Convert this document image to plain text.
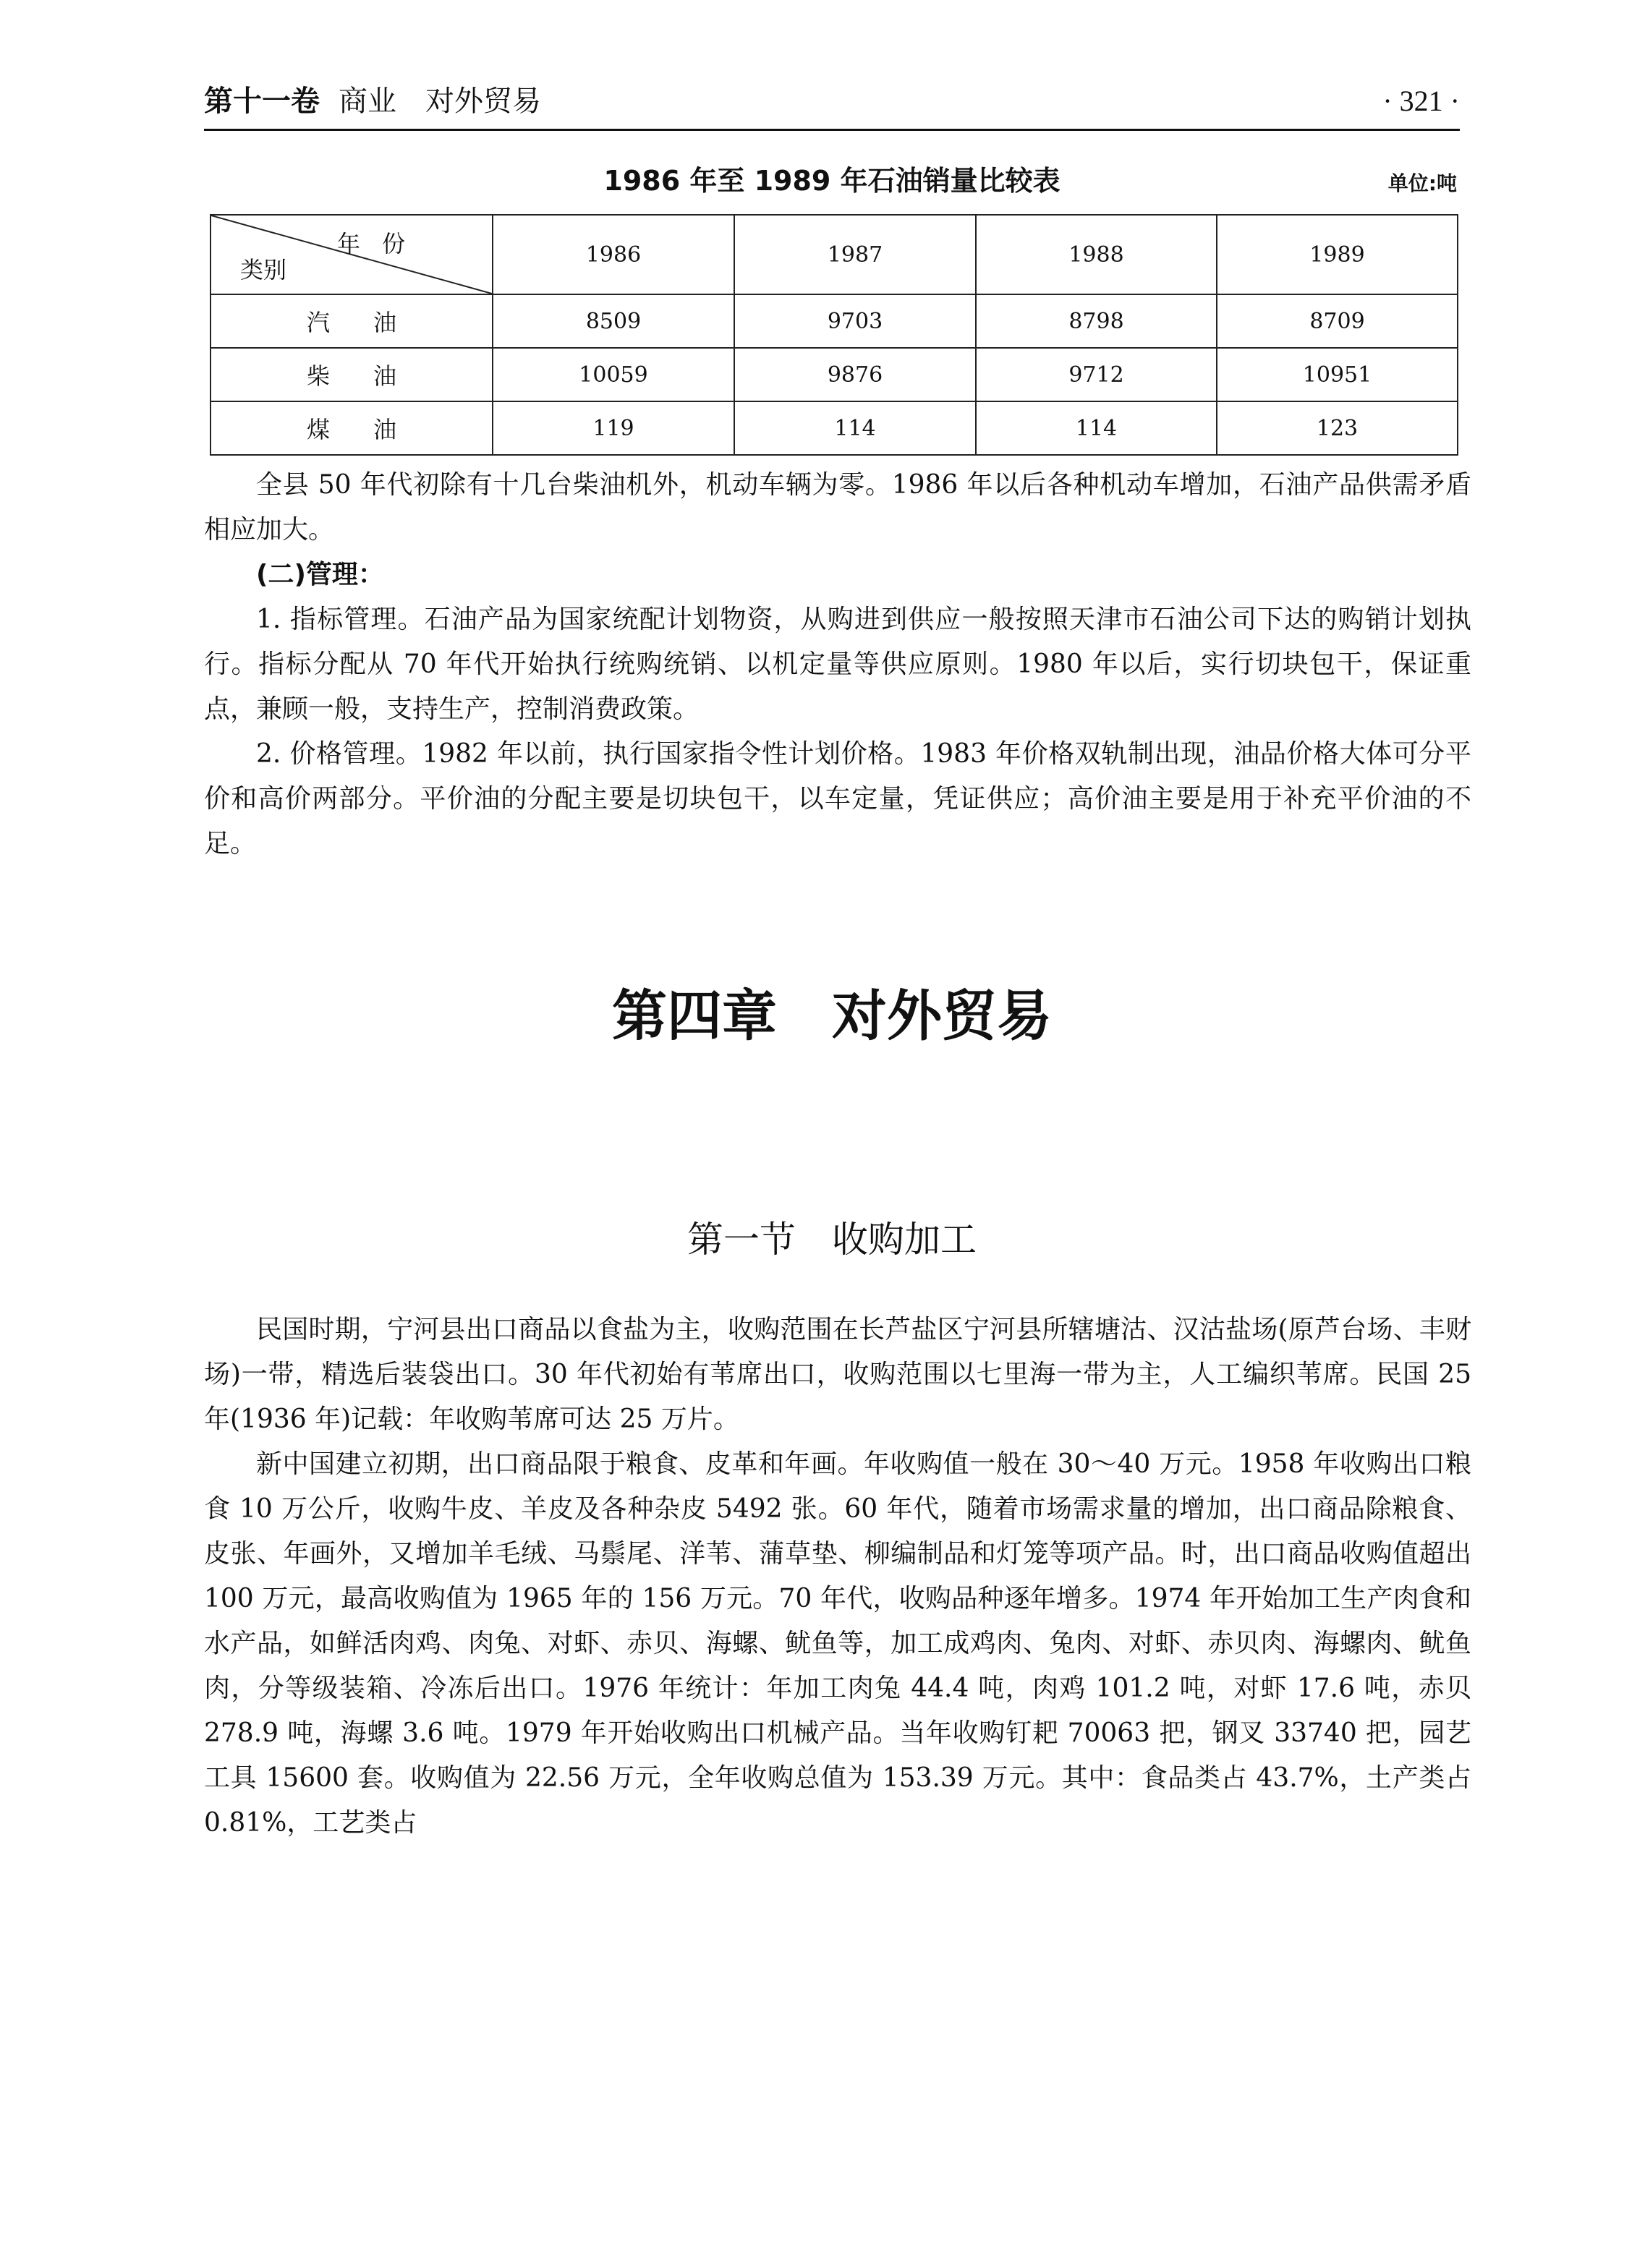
第十一卷 商业　对外贸易	· 321 ·
1986 年至 1989 年石油销量比较表	单位:吨
年份
类别	1986	1987	1988	1989
汽油	8509	9703	8798	8709
柴油	10059	9876	9712	10951
煤油	119	114	114	123

全县 50 年代初除有十几台柴油机外，机动车辆为零。1986 年以后各种机动车增加，石油产品供需矛盾相应加大。

(二)管理：

1. 指标管理。石油产品为国家统配计划物资，从购进到供应一般按照天津市石油公司下达的购销计划执行。指标分配从 70 年代开始执行统购统销、以机定量等供应原则。1980 年以后，实行切块包干，保证重点，兼顾一般，支持生产，控制消费政策。

2. 价格管理。1982 年以前，执行国家指令性计划价格。1983 年价格双轨制出现，油品价格大体可分平价和高价两部分。平价油的分配主要是切块包干，以车定量，凭证供应；高价油主要是用于补充平价油的不足。

第四章　对外贸易
第一节　收购加工

民国时期，宁河县出口商品以食盐为主，收购范围在长芦盐区宁河县所辖塘沽、汉沽盐场(原芦台场、丰财场)一带，精选后装袋出口。30 年代初始有苇席出口，收购范围以七里海一带为主，人工编织苇席。民国 25 年(1936 年)记载：年收购苇席可达 25 万片。

新中国建立初期，出口商品限于粮食、皮革和年画。年收购值一般在 30～40 万元。1958 年收购出口粮食 10 万公斤，收购牛皮、羊皮及各种杂皮 5492 张。60 年代，随着市场需求量的增加，出口商品除粮食、皮张、年画外，又增加羊毛绒、马鬃尾、洋苇、蒲草垫、柳编制品和灯笼等项产品。时，出口商品收购值超出 100 万元，最高收购值为 1965 年的 156 万元。70 年代，收购品种逐年增多。1974 年开始加工生产肉食和水产品，如鲜活肉鸡、肉兔、对虾、赤贝、海螺、鱿鱼等，加工成鸡肉、兔肉、对虾、赤贝肉、海螺肉、鱿鱼肉，分等级装箱、冷冻后出口。1976 年统计：年加工肉兔 44.4 吨，肉鸡 101.2 吨，对虾 17.6 吨，赤贝 278.9 吨，海螺 3.6 吨。1979 年开始收购出口机械产品。当年收购钉耙 70063 把，钢叉 33740 把，园艺工具 15600 套。收购值为 22.56 万元，全年收购总值为 153.39 万元。其中：食品类占 43.7%，土产类占 0.81%，工艺类占
